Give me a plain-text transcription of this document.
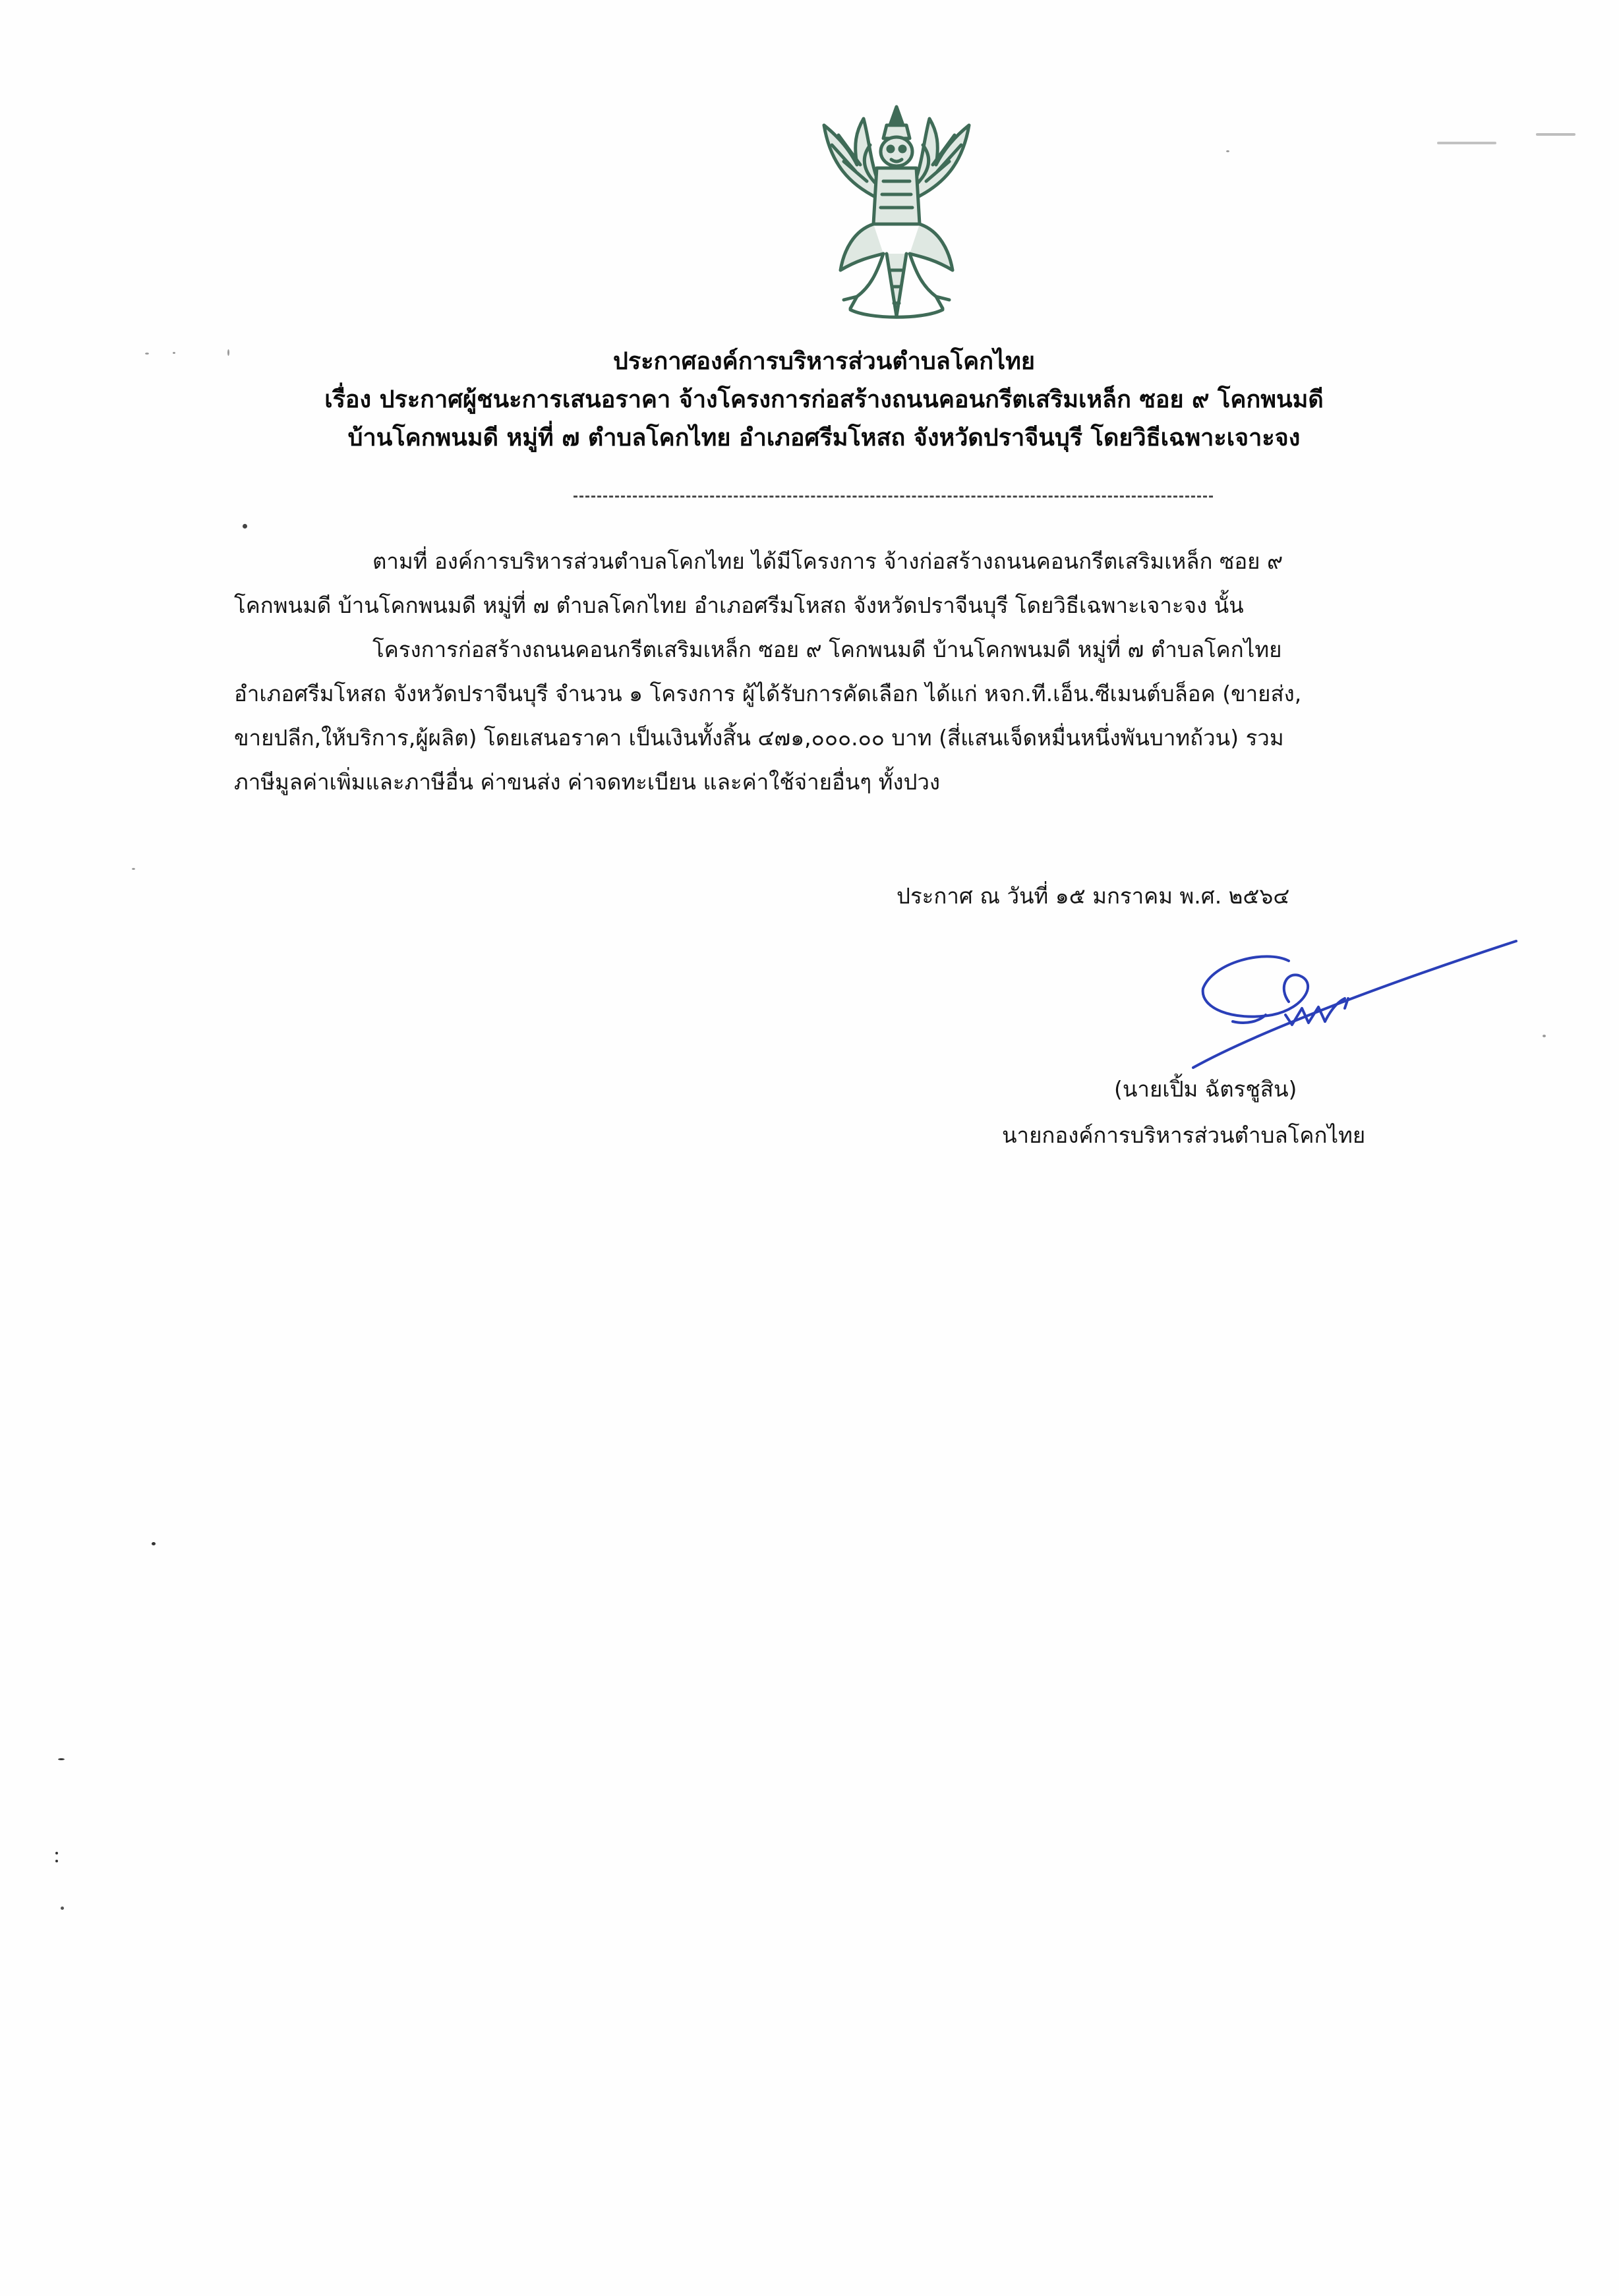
ประกาศองค์การบริหารส่วนตำบลโคกไทย
เรื่อง ประกาศผู้ชนะการเสนอราคา จ้างโครงการก่อสร้างถนนคอนกรีตเสริมเหล็ก ซอย ๙ โคกพนมดี
บ้านโคกพนมดี หมู่ที่ ๗ ตำบลโคกไทย อำเภอศรีมโหสถ จังหวัดปราจีนบุรี โดยวิธีเฉพาะเจาะจง
ตามที่ องค์การบริหารส่วนตำบลโคกไทย ได้มีโครงการ จ้างก่อสร้างถนนคอนกรีตเสริมเหล็ก ซอย ๙
โคกพนมดี บ้านโคกพนมดี หมู่ที่ ๗ ตำบลโคกไทย อำเภอศรีมโหสถ จังหวัดปราจีนบุรี โดยวิธีเฉพาะเจาะจง นั้น
โครงการก่อสร้างถนนคอนกรีตเสริมเหล็ก ซอย ๙ โคกพนมดี บ้านโคกพนมดี หมู่ที่ ๗ ตำบลโคกไทย
อำเภอศรีมโหสถ จังหวัดปราจีนบุรี จำนวน ๑ โครงการ ผู้ได้รับการคัดเลือก ได้แก่ หจก.ที.เอ็น.ซีเมนต์บล็อค (ขายส่ง,
ขายปลีก,ให้บริการ,ผู้ผลิต) โดยเสนอราคา เป็นเงินทั้งสิ้น ๔๗๑,๐๐๐.๐๐ บาท (สี่แสนเจ็ดหมื่นหนึ่งพันบาทถ้วน) รวม
ภาษีมูลค่าเพิ่มและภาษีอื่น ค่าขนส่ง ค่าจดทะเบียน และค่าใช้จ่ายอื่นๆ ทั้งปวง
ประกาศ ณ วันที่ ๑๕ มกราคม พ.ศ. ๒๕๖๔
(นายเปิ้ม ฉัตรชูสิน)
นายกองค์การบริหารส่วนตำบลโคกไทย
